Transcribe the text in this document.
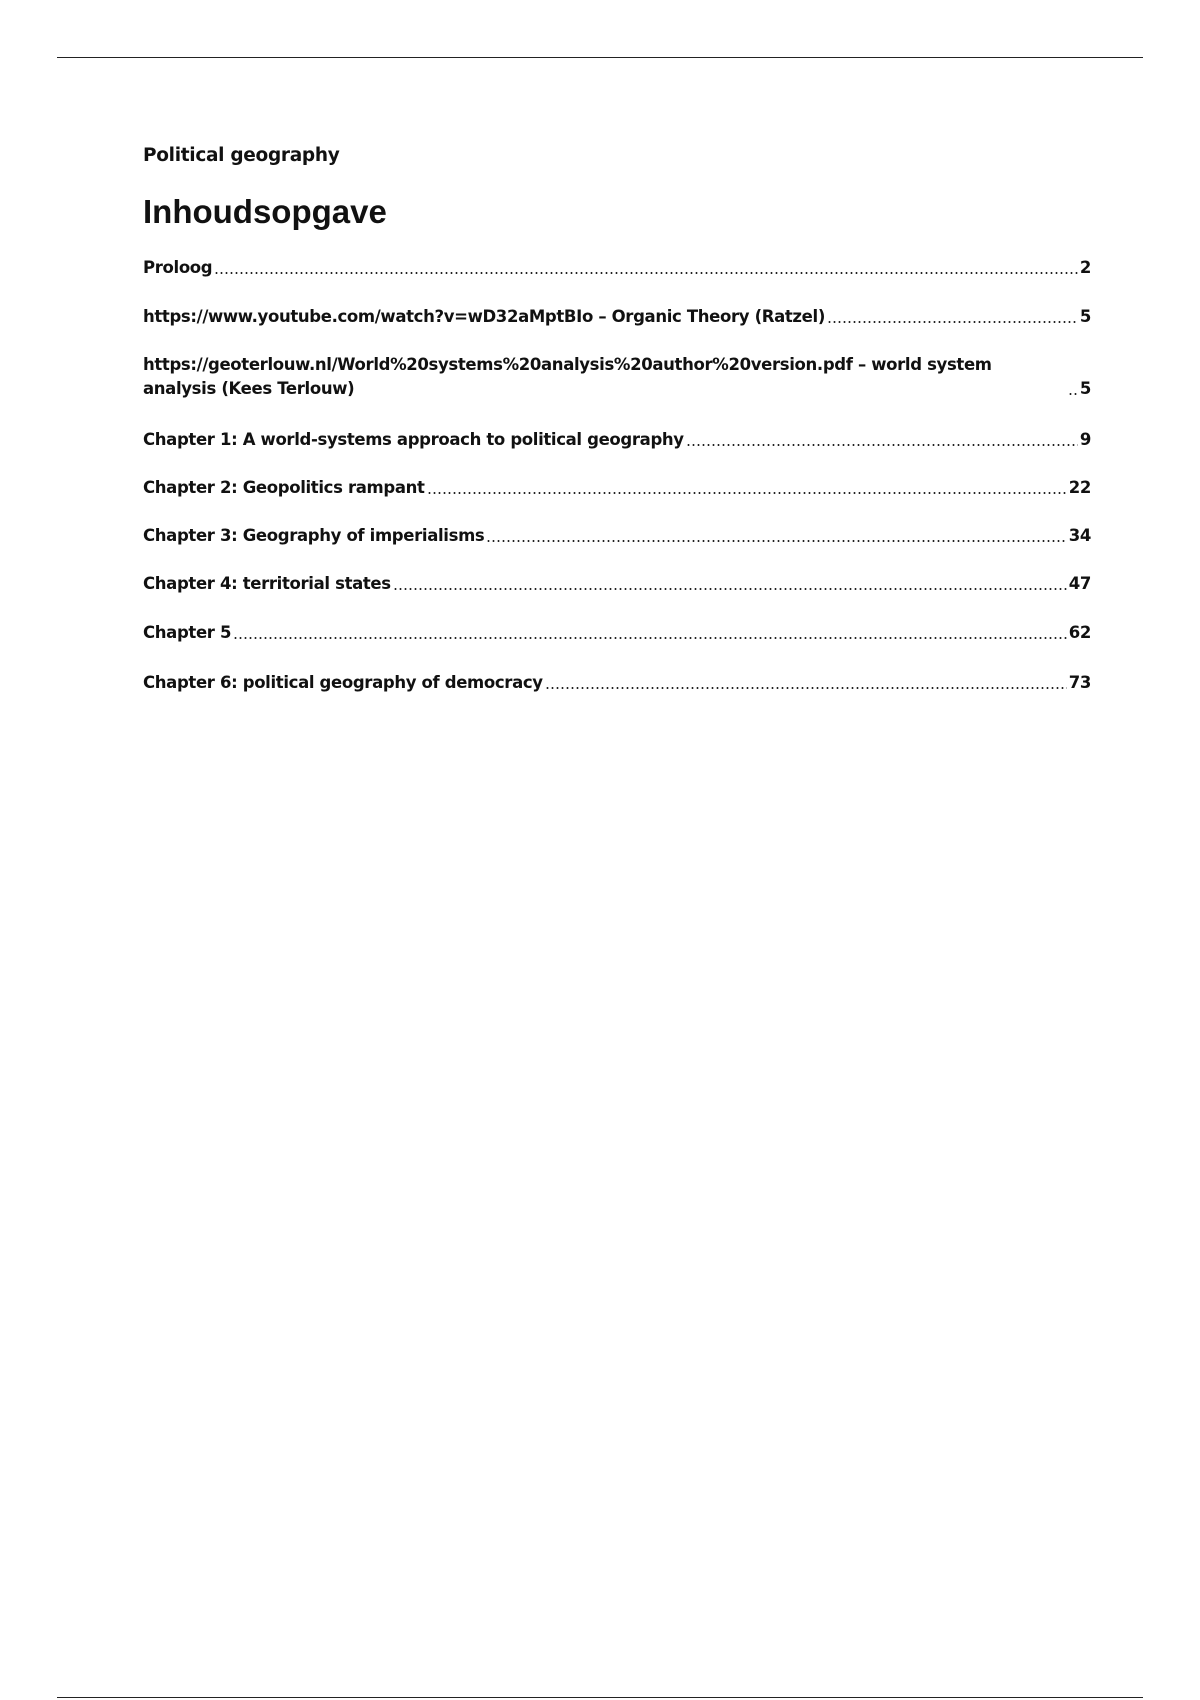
Political geography
Inhoudsopgave
Proloog	2
https://www.youtube.com/watch?v=wD32aMptBIo – Organic Theory (Ratzel)	5
https://geoterlouw.nl/World%20systems%20analysis%20author%20version.pdf – world system analysis (Kees Terlouw)	5
Chapter 1: A world-systems approach to political geography	9
Chapter 2: Geopolitics rampant	22
Chapter 3: Geography of imperialisms	34
Chapter 4: territorial states	47
Chapter 5	62
Chapter 6: political geography of democracy	73
